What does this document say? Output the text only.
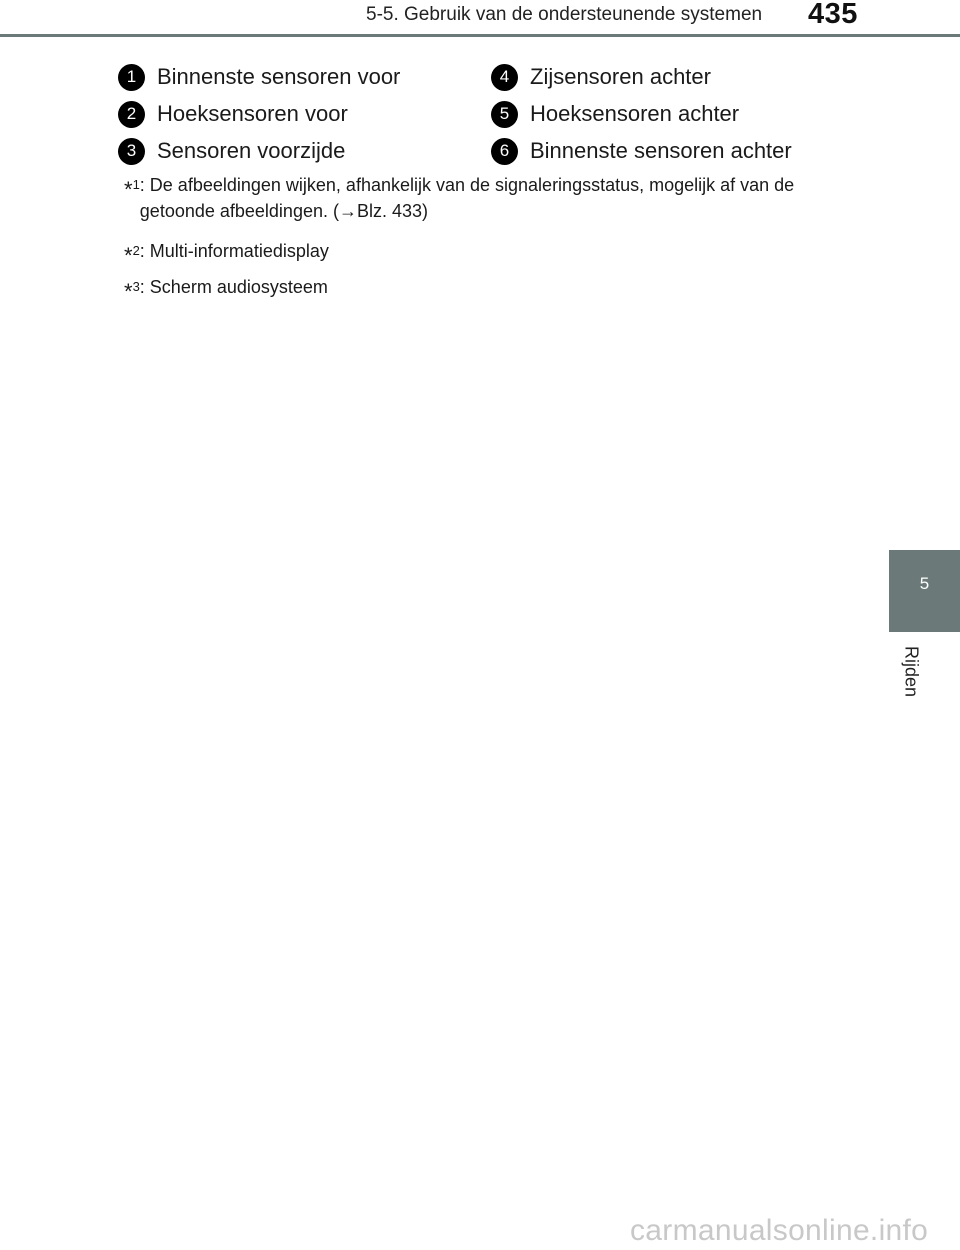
5-5. Gebruik van de ondersteunende systemen 435
5
Rijden
1 Binnenste sensoren voor
2 Hoeksensoren voor
3 Sensoren voorzijde
4 Zijsensoren achter
5 Hoeksensoren achter
6 Binnenste sensoren achter
*$^1$: De afbeeldingen wijken, afhankelijk van de signaleringsstatus, mogelijk af van de getoonde afbeeldingen. (→Blz. 433)
*$^2$: Multi-informatiedisplay
*$^3$: Scherm audiosysteem
carmanualsonline.info
